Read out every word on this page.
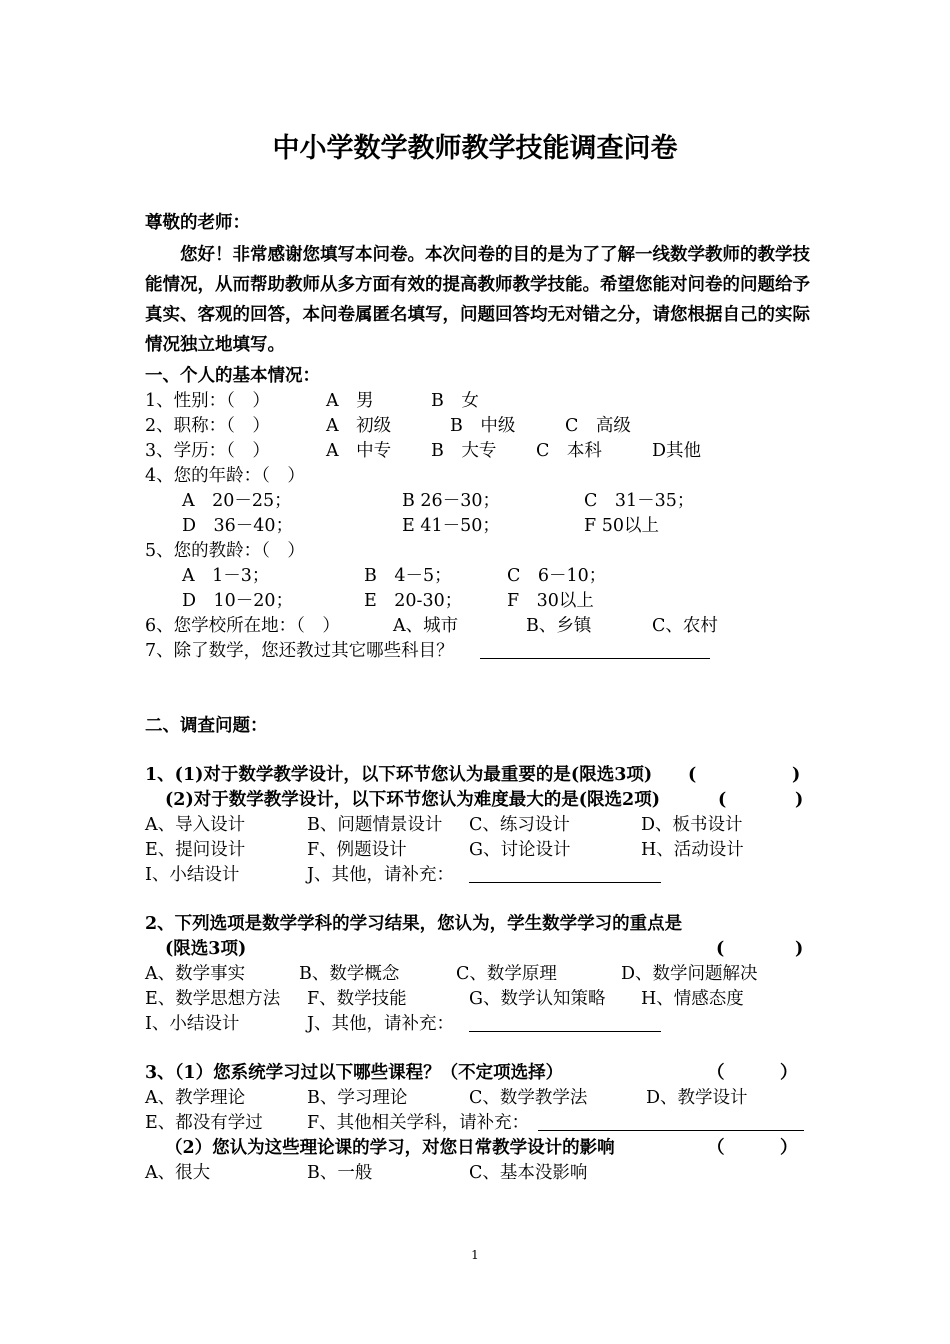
中小学数学教师教学技能调查问卷
尊敬的老师：
您好！非常感谢您填写本问卷。本次问卷的目的是为了了解一线数学教师的教学技能情况，从而帮助教师从多方面有效的提高教师教学技能。希望您能对问卷的问题给予真实、客观的回答，本问卷属匿名填写，问题回答均无对错之分，请您根据自己的实际情况独立地填写。
一、个人的基本情况：
1、性别：（　）	A　男	B　女
2、职称：（　）	A　初级	B　中级	C　高级
3、学历：（　）	A　中专 B　大专 C　本科	D其他
4、您的年龄：（　）
A　20－25；	B 26－30；	C　31－35；
D　36－40；	E 41－50；	F 50以上
5、您的教龄：（　）
A　1－3；	B　4－5；	C　6－10；
D　10－20；	E　20-30；	F　30以上
6、您学校所在地：（　）	A、城市	B、乡镇	C、农村
7、除了数学，您还教过其它哪些科目？
二、调查问题：
1、(1)对于数学教学设计，以下环节您认为最重要的是(限选3项) (	)
(2)对于数学教学设计，以下环节您认为难度最大的是(限选2项)	(	)
A、导入设计	B、问题情景设计 C、练习设计	D、板书设计
E、提问设计	F、例题设计	G、讨论设计	H、活动设计
I、小结设计	J、其他，请补充：
2、下列选项是数学学科的学习结果，您认为，学生数学学习的重点是
(限选3项)	(	)
A、数学事实	B、数学概念	C、数学原理	D、数学问题解决
E、数学思想方法 F、数学技能	G、数学认知策略 H、情感态度
I、小结设计	J、其他，请补充：
3、（1）您系统学习过以下哪些课程？（不定项选择）	（	）
A、教学理论	B、学习理论	C、数学教学法	D、教学设计
E、都没有学过	F、其他相关学科，请补充：
（2）您认为这些理论课的学习，对您日常教学设计的影响	（	）
A、很大	B、一般	C、基本没影响
1
